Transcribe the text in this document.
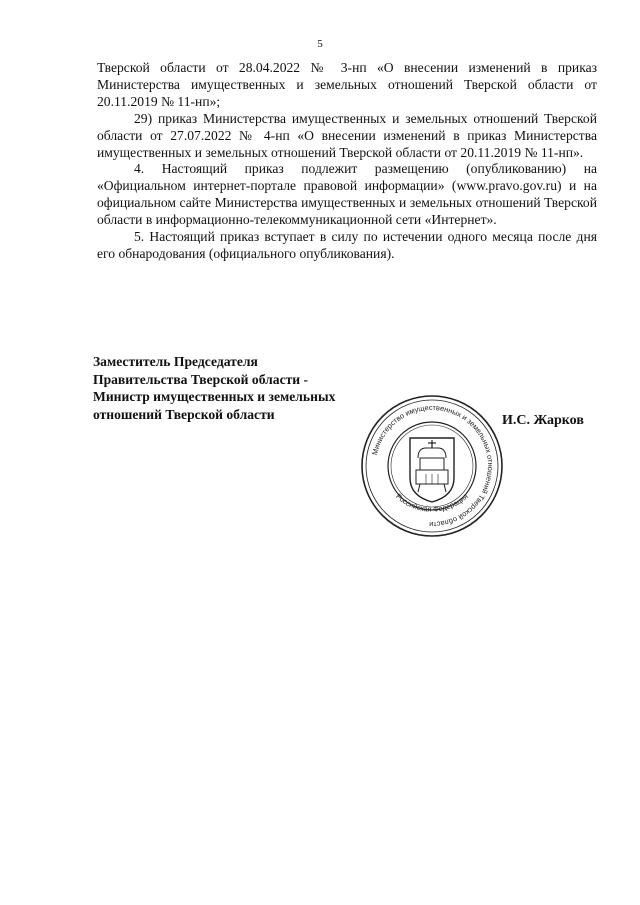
5

Тверской области от 28.04.2022 № 3-нп «О внесении изменений в приказ Министерства имущественных и земельных отношений Тверской области от 20.11.2019 № 11-нп»;

29) приказ Министерства имущественных и земельных отношений Тверской области от 27.07.2022 № 4-нп «О внесении изменений в приказ Министерства имущественных и земельных отношений Тверской области от 20.11.2019 № 11-нп».

4. Настоящий приказ подлежит размещению (опубликованию) на «Официальном интернет-портале правовой информации» (www.pravo.gov.ru) и на официальном сайте Министерства имущественных и земельных отношений Тверской области в информационно-телекоммуникационной сети «Интернет».

5. Настоящий приказ вступает в силу по истечении одного месяца после дня его обнародования (официального опубликования).

Заместитель Председателя
Правительства Тверской области -
Министр имущественных и земельных
отношений Тверской области	И.С. Жарков
Министерство имущественных и земельных отношений Тверской области
Российская Федерация
